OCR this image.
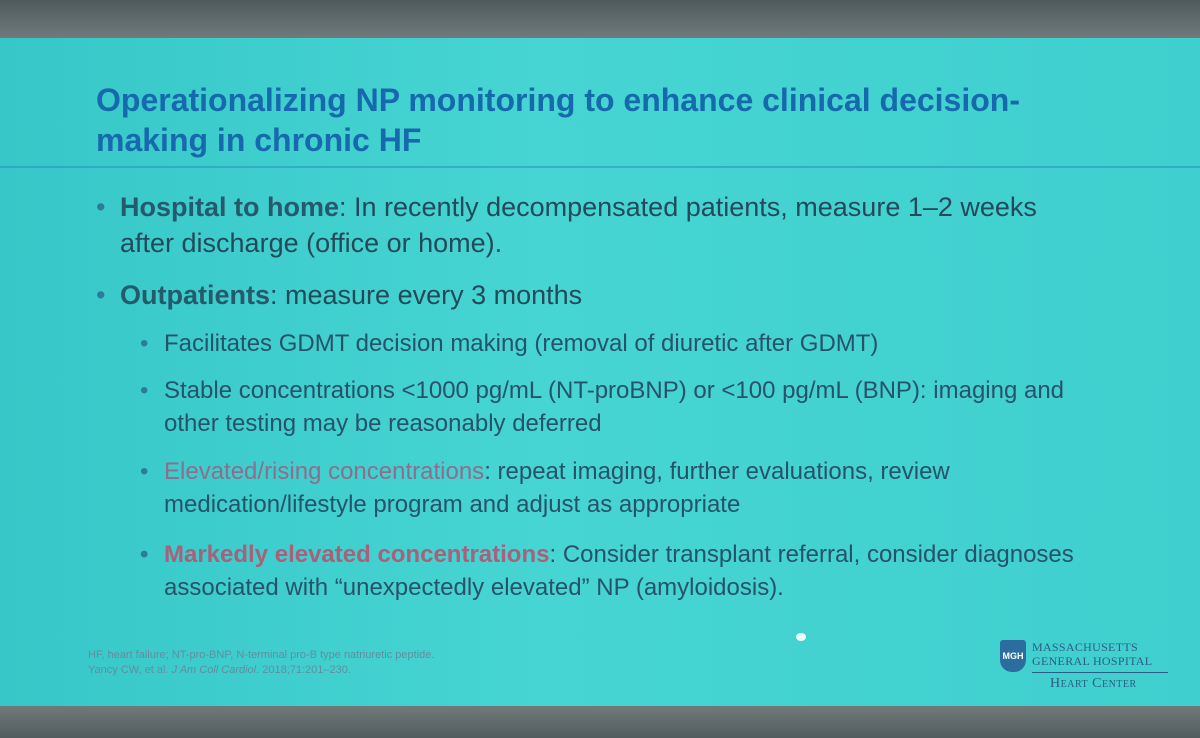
Operationalizing NP monitoring to enhance clinical decision-making in chronic HF
• Hospital to home: In recently decompensated patients, measure 1–2 weeks after discharge (office or home).
• Outpatients: measure every 3 months
• Facilitates GDMT decision making (removal of diuretic after GDMT)
• Stable concentrations <1000 pg/mL (NT-proBNP) or <100 pg/mL (BNP): imaging and other testing may be reasonably deferred
• Elevated/rising concentrations: repeat imaging, further evaluations, review medication/lifestyle program and adjust as appropriate
• Markedly elevated concentrations: Consider transplant referral, consider diagnoses associated with “unexpectedly elevated” NP (amyloidosis).
HF, heart failure; NT-pro-BNP, N-terminal pro-B type natriuretic peptide.
Yancy CW, et al. J Am Coll Cardiol. 2018;71:201–230.
MGH
MASSACHUSETTS
GENERAL HOSPITAL
Heart Center
